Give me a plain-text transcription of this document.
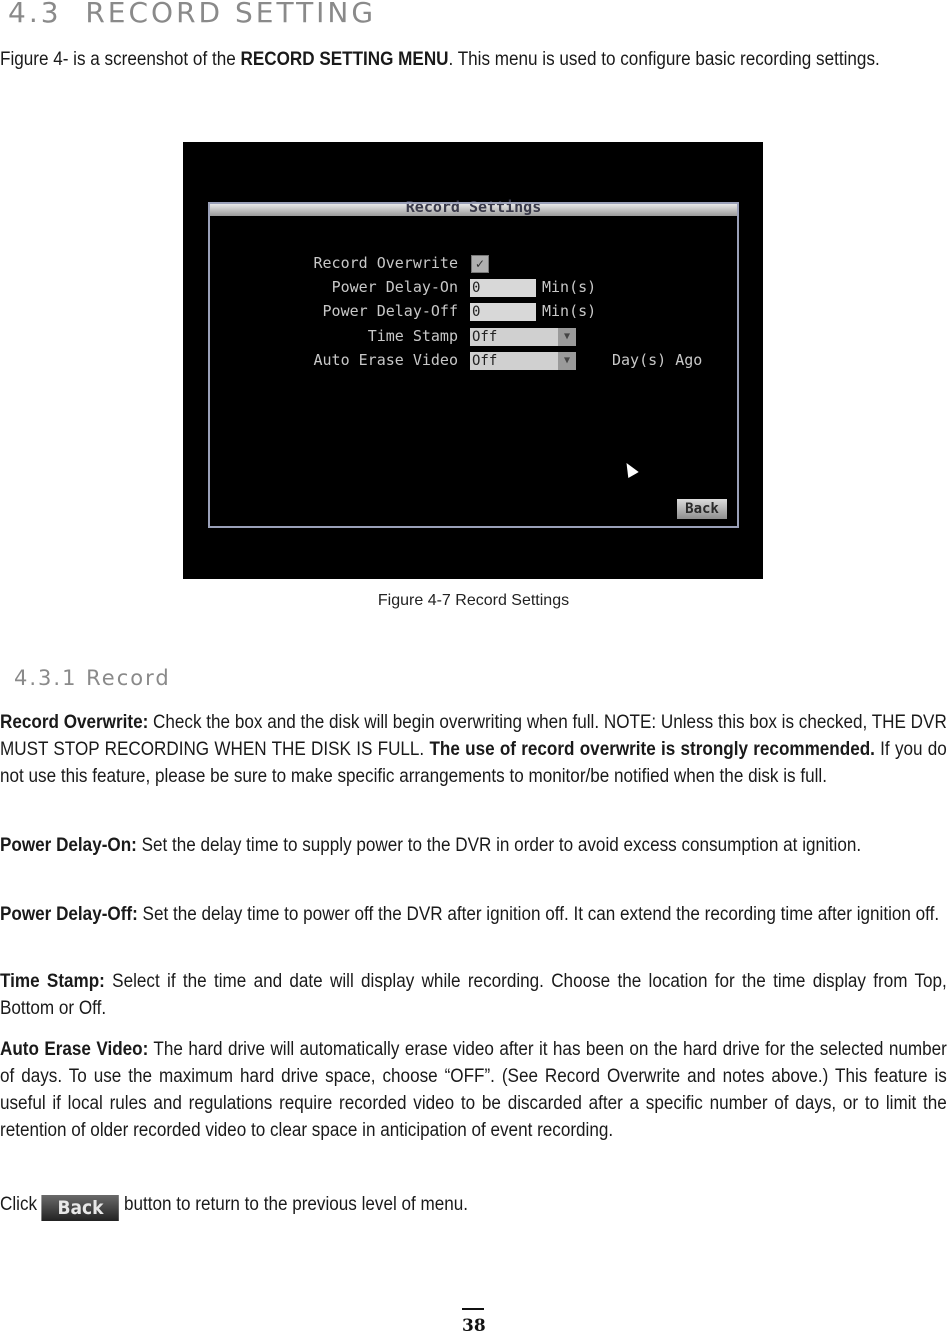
4.3 RECORD SETTING

Figure 4- is a screenshot of the RECORD SETTING MENU. This menu is used to configure basic recording settings.

Record Settings
Record Overwrite	✓
Power Delay-On 0	Min(s)
Power Delay-Off 0	Min(s)
Time Stamp Off	▼
Auto Erase Video Off	▼	Day(s) Ago
Back
Figure 4-7 Record Settings
4.3.1 Record

Record Overwrite: Check the box and the disk will begin overwriting when full. NOTE: Unless this box is checked, THE DVR MUST STOP RECORDING WHEN THE DISK IS FULL. The use of record overwrite is strongly recommended. If you do not use this feature, please be sure to make specific arrangements to monitor/be notified when the disk is full.

Power Delay-On: Set the delay time to supply power to the DVR in order to avoid excess consumption at ignition.

Power Delay-Off: Set the delay time to power off the DVR after ignition off. It can extend the recording time after ignition off.

Time Stamp: Select if the time and date will display while recording. Choose the location for the time display from Top, Bottom or Off.

Auto Erase Video: The hard drive will automatically erase video after it has been on the hard drive for the selected number of days. To use the maximum hard drive space, choose “OFF”. (See Record Overwrite and notes above.) This feature is useful if local rules and regulations require recorded video to be discarded after a specific number of days, or to limit the retention of older recorded video to clear space in anticipation of event recording.

Click Back button to return to the previous level of menu.

38
